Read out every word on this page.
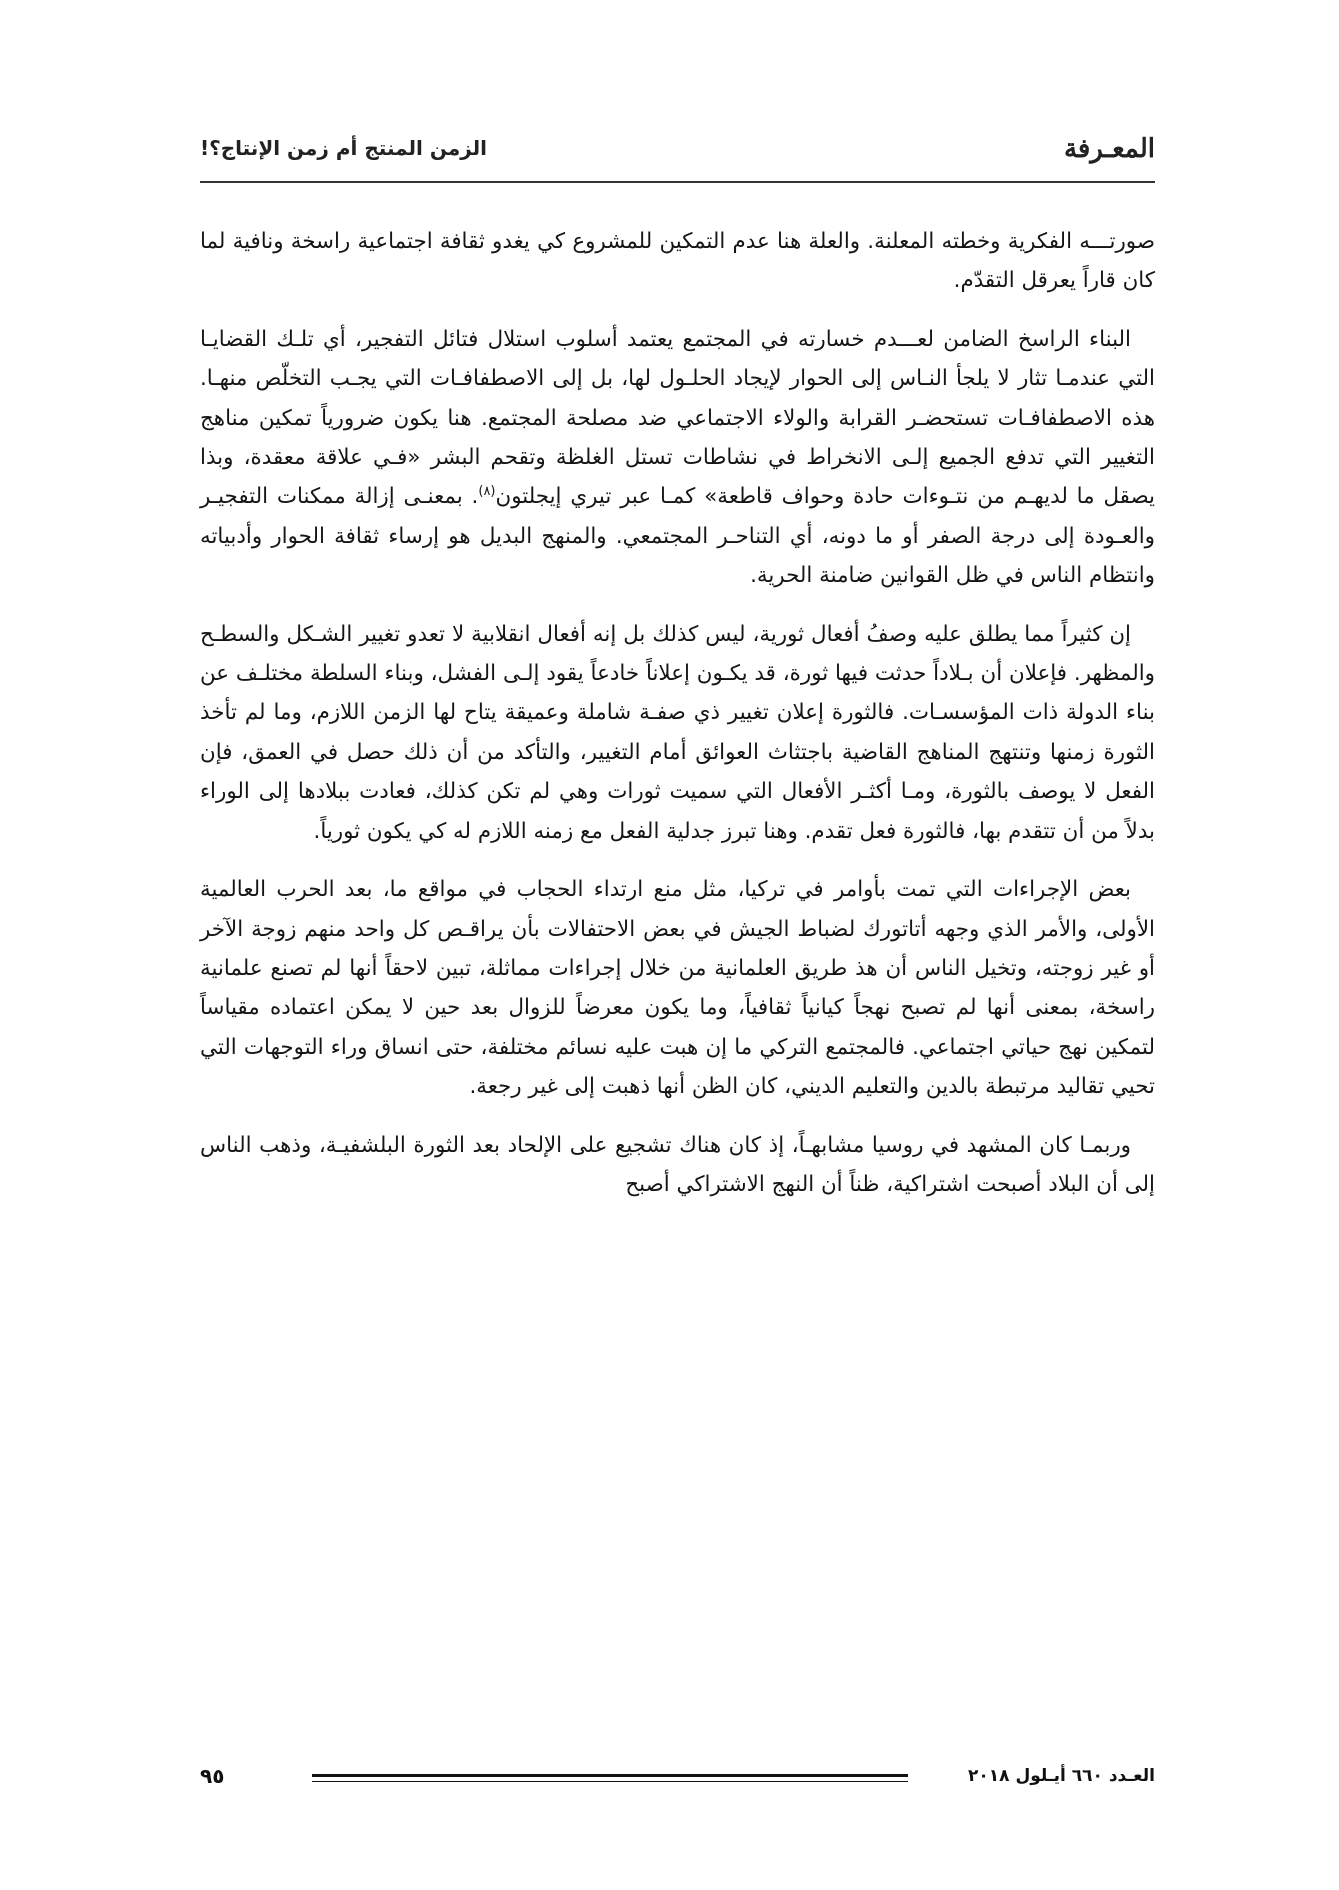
المعـرفة
الزمن المنتج أم زمن الإنتاج؟!

صورتـــه الفكرية وخطته المعلنة. والعلة هنا عدم التمكين للمشروع كي يغدو ثقافة اجتماعية راسخة ونافية لما كان قاراً يعرقل التقدّم.

البناء الراسخ الضامن لعـــدم خسارته في المجتمع يعتمد أسلوب استلال فتائل التفجير، أي تلـك القضايـا التي عندمـا تثار لا يلجأ النـاس إلى الحوار لإيجاد الحلـول لها، بل إلى الاصطفافـات التي يجـب التخلّص منهـا. هذه الاصطفافـات تستحضـر القرابة والولاء الاجتماعي ضد مصلحة المجتمع. هنا يكون ضرورياً تمكين مناهج التغيير التي تدفع الجميع إلـى الانخراط في نشاطات تستل الغلظة وتقحم البشر «فـي علاقة معقدة، وبذا يصقل ما لديهـم من نتـوءات حادة وحواف قاطعة» كمـا عبر تيري إيجلتون$^{(٨)}$. بمعنـى إزالة ممكنات التفجيـر والعـودة إلى درجة الصفر أو ما دونه، أي التناحـر المجتمعي. والمنهج البديل هو إرساء ثقافة الحوار وأدبياته وانتظام الناس في ظل القوانين ضامنة الحرية.

إن كثيراً مما يطلق عليه وصفُ أفعال ثورية، ليس كذلك بل إنه أفعال انقلابية لا تعدو تغيير الشـكل والسطـح والمظهر. فإعلان أن بـلاداً حدثت فيها ثورة، قد يكـون إعلاناً خادعاً يقود إلـى الفشل، وبناء السلطة مختلـف عن بناء الدولة ذات المؤسسـات. فالثورة إعلان تغيير ذي صفـة شاملة وعميقة يتاح لها الزمن اللازم، وما لم تأخذ الثورة زمنها وتنتهج المناهج القاضية باجتثاث العوائق أمام التغيير، والتأكد من أن ذلك حصل في العمق، فإن الفعل لا يوصف بالثورة، ومـا أكثـر الأفعال التي سميت ثورات وهي لم تكن كذلك، فعادت ببلادها إلى الوراء بدلاً من أن تتقدم بها، فالثورة فعل تقدم. وهنا تبرز جدلية الفعل مع زمنه اللازم له كي يكون ثورياً.

بعض الإجراءات التي تمت بأوامر في تركيا، مثل منع ارتداء الحجاب في مواقع ما، بعد الحرب العالمية الأولى، والأمر الذي وجهه أتاتورك لضباط الجيش في بعض الاحتفالات بأن يراقـص كل واحد منهم زوجة الآخر أو غير زوجته، وتخيل الناس أن هذ طريق العلمانية من خلال إجراءات مماثلة، تبين لاحقاً أنها لم تصنع علمانية راسخة، بمعنى أنها لم تصبح نهجاً كيانياً ثقافياً، وما يكون معرضاً للزوال بعد حين لا يمكن اعتماده مقياساً لتمكين نهج حياتي اجتماعي. فالمجتمع التركي ما إن هبت عليه نسائم مختلفة، حتى انساق وراء التوجهات التي تحيي تقاليد مرتبطة بالدين والتعليم الديني، كان الظن أنها ذهبت إلى غير رجعة.

وربمـا كان المشهد في روسيا مشابهـاً، إذ كان هناك تشجيع على الإلحاد بعد الثورة البلشفيـة، وذهب الناس إلى أن البلاد أصبحت اشتراكية، ظناً أن النهج الاشتراكي أصبح

العـدد ٦٦٠ أيـلول ٢٠١٨
٩٥
